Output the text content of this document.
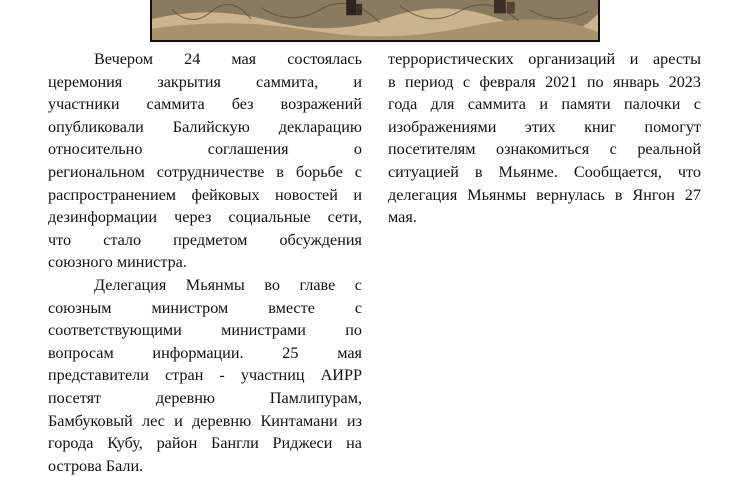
Вечером 24 мая состоялась
церемония закрытия саммита, и
участники саммита без возражений
опубликовали Балийскую декларацию
относительно соглашения о
региональном сотрудничестве в борьбе с
распространением фейковых новостей и
дезинформации через социальные сети,
что стало предметом обсуждения
союзного министра.
Делегация Мьянмы во главе с
союзным министром вместе с
соответствующими министрами по
вопросам информации. 25 мая
представители стран - участниц АИРР
посетят деревню Памлипурам,
Бамбуковый лес и деревню Кинтамани из
города Кубу, район Бангли Риджеcи на
острова Бали.
террористических организаций и аресты
в период с февраля 2021 по январь 2023
года для саммита и памяти палочки с
изображениями этих книг помогут
посетителям ознакомиться с реальной
ситуацией в Мьянме. Сообщается, что
делегация Мьянмы вернулась в Янгон 27
мая.
